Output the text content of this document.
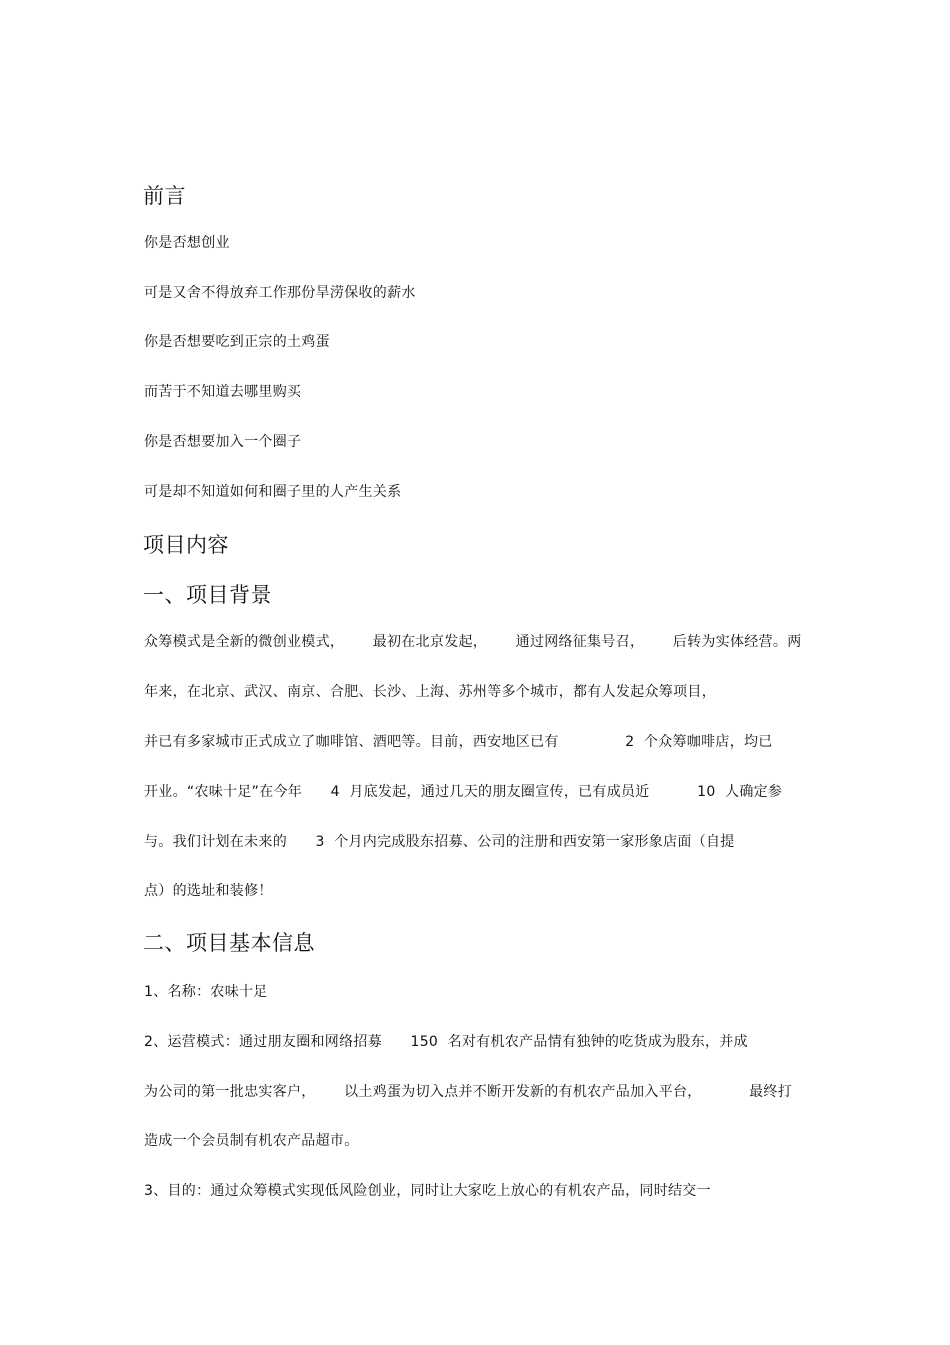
前言
你是否想创业
可是又舍不得放弃工作那份旱涝保收的薪水
你是否想要吃到正宗的土鸡蛋
而苦于不知道去哪里购买
你是否想要加入一个圈子
可是却不知道如何和圈子里的人产生关系
项目内容
一、项目背景
众筹模式是全新的微创业模式，      最初在北京发起，      通过网络征集号召，      后转为实体经营。两
年来，在北京、武汉、南京、合肥、长沙、上海、苏州等多个城市，都有人发起众筹项目，
并已有多家城市正式成立了咖啡馆、酒吧等。目前，西安地区已有              2  个众筹咖啡店，均已
开业。“农味十足”在今年      4  月底发起，通过几天的朋友圈宣传，已有成员近          10  人确定参
与。我们计划在未来的      3  个月内完成股东招募、公司的注册和西安第一家形象店面（自提
点）的选址和装修！
二、项目基本信息
1、名称：农味十足
2、运营模式：通过朋友圈和网络招募      150  名对有机农产品情有独钟的吃货成为股东，并成
为公司的第一批忠实客户，      以土鸡蛋为切入点并不断开发新的有机农产品加入平台，          最终打
造成一个会员制有机农产品超市。
3、目的：通过众筹模式实现低风险创业，同时让大家吃上放心的有机农产品，同时结交一
